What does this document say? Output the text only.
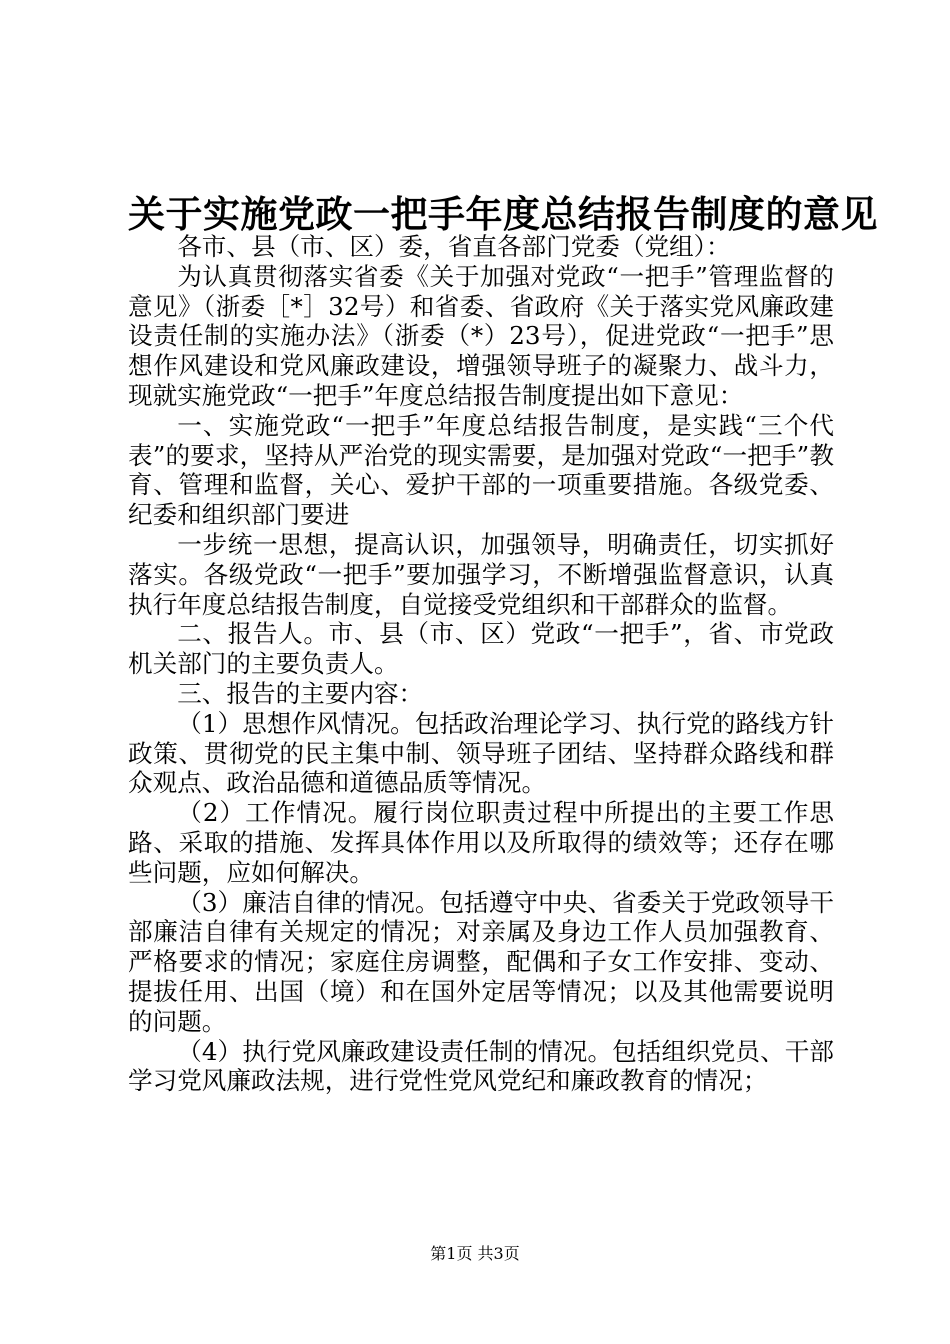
关于实施党政一把手年度总结报告制度的意见

各市、县（市、区）委，省直各部门党委（党组）：

为认真贯彻落实省委《关于加强对党政“一把手”管理监督的意见》（浙委［*］32号）和省委、省政府《关于落实党风廉政建设责任制的实施办法》（浙委（*）23号），促进党政“一把手”思想作风建设和党风廉政建设，增强领导班子的凝聚力、战斗力，现就实施党政“一把手”年度总结报告制度提出如下意见：

一、实施党政“一把手”年度总结报告制度，是实践“三个代表”的要求，坚持从严治党的现实需要，是加强对党政“一把手”教育、管理和监督，关心、爱护干部的一项重要措施。各级党委、纪委和组织部门要进

一步统一思想，提高认识，加强领导，明确责任，切实抓好落实。各级党政“一把手”要加强学习，不断增强监督意识，认真执行年度总结报告制度，自觉接受党组织和干部群众的监督。

二、报告人。市、县（市、区）党政“一把手”，省、市党政机关部门的主要负责人。

三、报告的主要内容：

（1）思想作风情况。包括政治理论学习、执行党的路线方针政策、贯彻党的民主集中制、领导班子团结、坚持群众路线和群众观点、政治品德和道德品质等情况。

（2）工作情况。履行岗位职责过程中所提出的主要工作思路、采取的措施、发挥具体作用以及所取得的绩效等；还存在哪些问题，应如何解决。

（3）廉洁自律的情况。包括遵守中央、省委关于党政领导干部廉洁自律有关规定的情况；对亲属及身边工作人员加强教育、严格要求的情况；家庭住房调整，配偶和子女工作安排、变动、提拔任用、出国（境）和在国外定居等情况；以及其他需要说明的问题。

（4）执行党风廉政建设责任制的情况。包括组织党员、干部学习党风廉政法规，进行党性党风党纪和廉政教育的情况；

第1页 共3页
